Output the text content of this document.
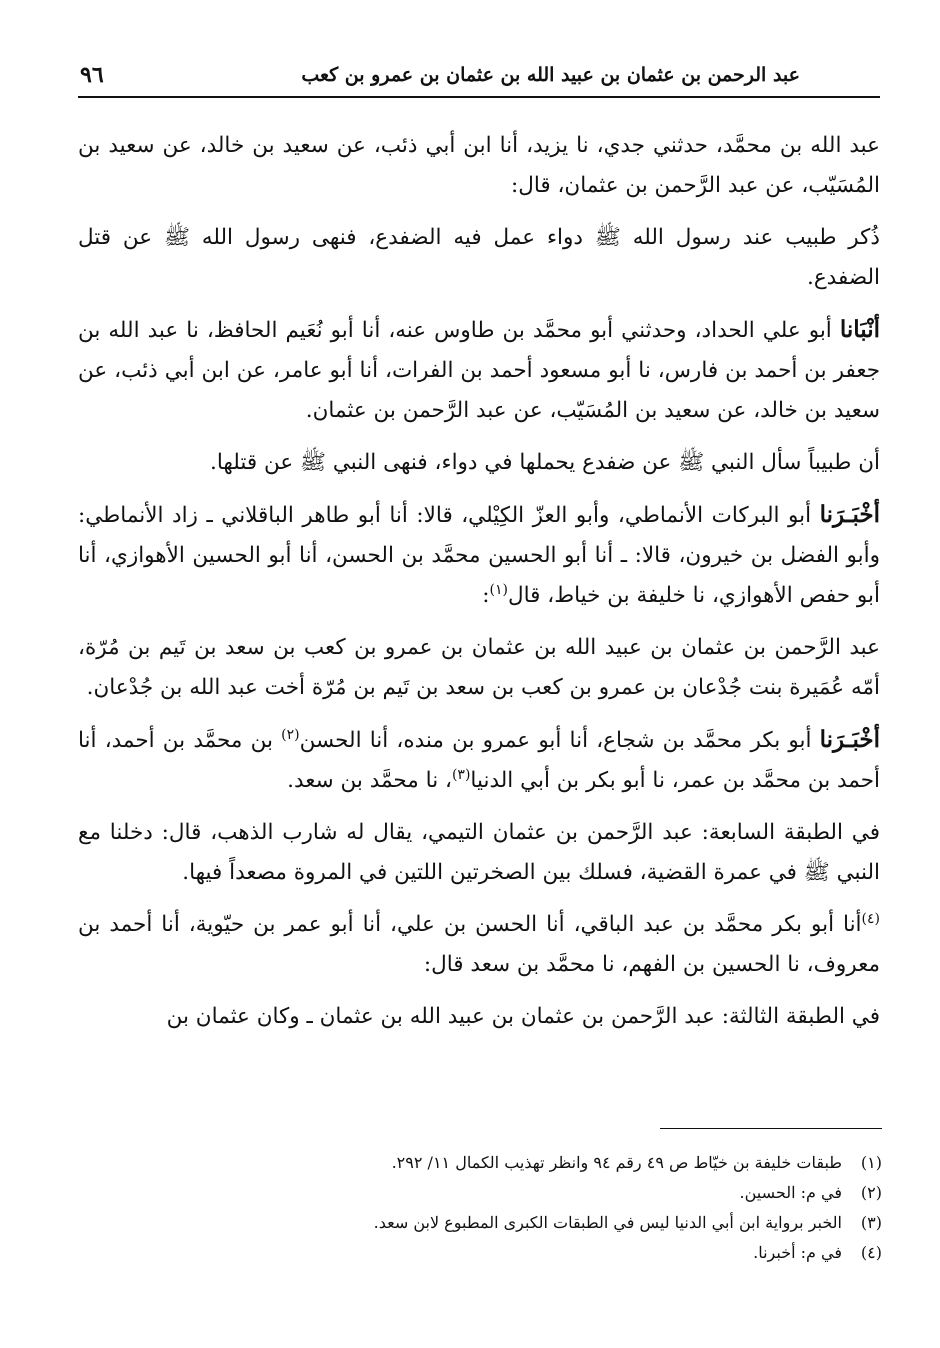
عبد الرحمن بن عثمان بن عبيد الله بن عثمان بن عمرو بن كعب
٩٦

عبد الله بن محمَّد، حدثني جدي، نا يزيد، أنا ابن أبي ذئب، عن سعيد بن خالد، عن سعيد بن المُسَيّب، عن عبد الرَّحمن بن عثمان، قال:

ذُكر طبيب عند رسول الله ﷺ دواء عمل فيه الضفدع، فنهى رسول الله ﷺ عن قتل الضفدع.

أنْبَانا أبو علي الحداد، وحدثني أبو محمَّد بن طاوس عنه، أنا أبو نُعَيم الحافظ، نا عبد الله بن جعفر بن أحمد بن فارس، نا أبو مسعود أحمد بن الفرات، أنا أبو عامر، عن ابن أبي ذئب، عن سعيد بن خالد، عن سعيد بن المُسَيّب، عن عبد الرَّحمن بن عثمان.

أن طبيباً سأل النبي ﷺ عن ضفدع يحملها في دواء، فنهى النبي ﷺ عن قتلها.

أخْبَـرَنا أبو البركات الأنماطي، وأبو العزّ الكِيْلي، قالا: أنا أبو طاهر الباقلاني ـ زاد الأنماطي: وأبو الفضل بن خيرون، قالا: ـ أنا أبو الحسين محمَّد بن الحسن، أنا أبو الحسين الأهوازي، أنا أبو حفص الأهوازي، نا خليفة بن خياط، قال$^{(١)}$:

عبد الرَّحمن بن عثمان بن عبيد الله بن عثمان بن عمرو بن كعب بن سعد بن تَيم بن مُرّة، أمّه عُمَيرة بنت جُدْعان بن عمرو بن كعب بن سعد بن تَيم بن مُرّة أخت عبد الله بن جُدْعان.

أخْبَـرَنا أبو بكر محمَّد بن شجاع، أنا أبو عمرو بن منده، أنا الحسن$^{(٢)}$ بن محمَّد بن أحمد، أنا أحمد بن محمَّد بن عمر، نا أبو بكر بن أبي الدنيا$^{(٣)}$، نا محمَّد بن سعد.

في الطبقة السابعة: عبد الرَّحمن بن عثمان التيمي، يقال له شارب الذهب، قال: دخلنا مع النبي ﷺ في عمرة القضية، فسلك بين الصخرتين اللتين في المروة مصعداً فيها.

$^{(٤)}$أنا أبو بكر محمَّد بن عبد الباقي، أنا الحسن بن علي، أنا أبو عمر بن حيّوية، أنا أحمد بن معروف، نا الحسين بن الفهم، نا محمَّد بن سعد قال:

في الطبقة الثالثة: عبد الرَّحمن بن عثمان بن عبيد الله بن عثمان ـ وكان عثمان بن

(١)طبقات خليفة بن خيّاط ص ٤٩ رقم ٩٤ وانظر تهذيب الكمال ١١/ ٢٩٢.
(٢)في م: الحسين.
(٣)الخبر برواية ابن أبي الدنيا ليس في الطبقات الكبرى المطبوع لابن سعد.
(٤)في م: أخبرنا.
